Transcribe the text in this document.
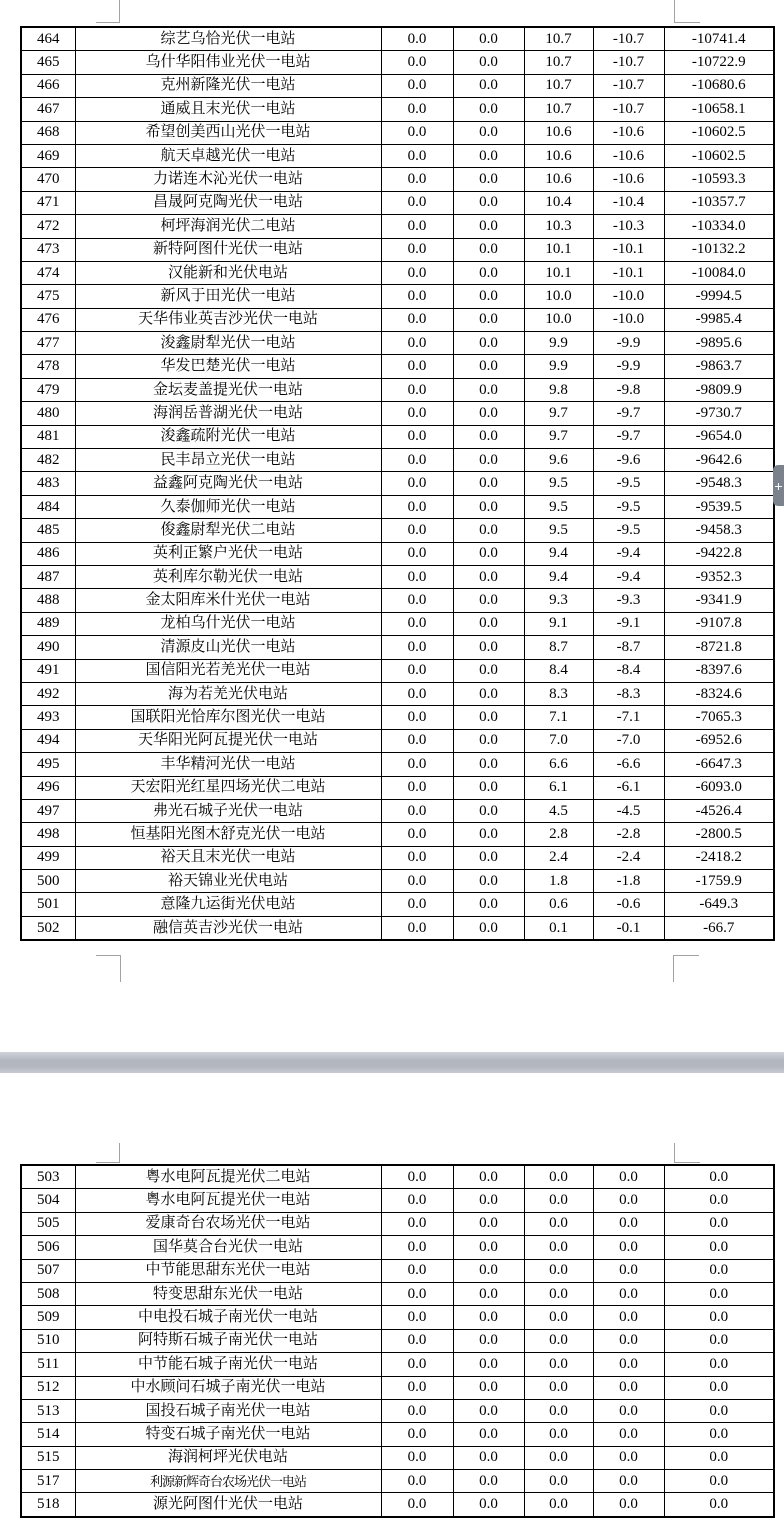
464	综艺乌恰光伏一电站	0.0	0.0	10.7	-10.7	-10741.4
465	乌什华阳伟业光伏一电站	0.0	0.0	10.7	-10.7	-10722.9
466	克州新隆光伏一电站	0.0	0.0	10.7	-10.7	-10680.6
467	通威且末光伏一电站	0.0	0.0	10.7	-10.7	-10658.1
468	希望创美西山光伏一电站	0.0	0.0	10.6	-10.6	-10602.5
469	航天卓越光伏一电站	0.0	0.0	10.6	-10.6	-10602.5
470	力诺连木沁光伏一电站	0.0	0.0	10.6	-10.6	-10593.3
471	昌晟阿克陶光伏一电站	0.0	0.0	10.4	-10.4	-10357.7
472	柯坪海润光伏二电站	0.0	0.0	10.3	-10.3	-10334.0
473	新特阿图什光伏一电站	0.0	0.0	10.1	-10.1	-10132.2
474	汉能新和光伏电站	0.0	0.0	10.1	-10.1	-10084.0
475	新风于田光伏一电站	0.0	0.0	10.0	-10.0	-9994.5
476	天华伟业英吉沙光伏一电站	0.0	0.0	10.0	-10.0	-9985.4
477	浚鑫尉犁光伏一电站	0.0	0.0	9.9	-9.9	-9895.6
478	华发巴楚光伏一电站	0.0	0.0	9.9	-9.9	-9863.7
479	金坛麦盖提光伏一电站	0.0	0.0	9.8	-9.8	-9809.9
480	海润岳普湖光伏一电站	0.0	0.0	9.7	-9.7	-9730.7
481	浚鑫疏附光伏一电站	0.0	0.0	9.7	-9.7	-9654.0
482	民丰昂立光伏一电站	0.0	0.0	9.6	-9.6	-9642.6
483	益鑫阿克陶光伏一电站	0.0	0.0	9.5	-9.5	-9548.3
484	久泰伽师光伏一电站	0.0	0.0	9.5	-9.5	-9539.5
485	俊鑫尉犁光伏二电站	0.0	0.0	9.5	-9.5	-9458.3
486	英利正繁户光伏一电站	0.0	0.0	9.4	-9.4	-9422.8
487	英利库尔勒光伏一电站	0.0	0.0	9.4	-9.4	-9352.3
488	金太阳库米什光伏一电站	0.0	0.0	9.3	-9.3	-9341.9
489	龙柏乌什光伏一电站	0.0	0.0	9.1	-9.1	-9107.8
490	清源皮山光伏一电站	0.0	0.0	8.7	-8.7	-8721.8
491	国信阳光若羌光伏一电站	0.0	0.0	8.4	-8.4	-8397.6
492	海为若羌光伏电站	0.0	0.0	8.3	-8.3	-8324.6
493	国联阳光恰库尔图光伏一电站	0.0	0.0	7.1	-7.1	-7065.3
494	天华阳光阿瓦提光伏一电站	0.0	0.0	7.0	-7.0	-6952.6
495	丰华精河光伏一电站	0.0	0.0	6.6	-6.6	-6647.3
496	天宏阳光红星四场光伏二电站	0.0	0.0	6.1	-6.1	-6093.0
497	弗光石城子光伏一电站	0.0	0.0	4.5	-4.5	-4526.4
498	恒基阳光图木舒克光伏一电站	0.0	0.0	2.8	-2.8	-2800.5
499	裕天且末光伏一电站	0.0	0.0	2.4	-2.4	-2418.2
500	裕天锦业光伏电站	0.0	0.0	1.8	-1.8	-1759.9
501	意隆九运街光伏电站	0.0	0.0	0.6	-0.6	-649.3
502	融信英吉沙光伏一电站	0.0	0.0	0.1	-0.1	-66.7
503	粤水电阿瓦提光伏二电站	0.0	0.0	0.0	0.0	0.0
504	粤水电阿瓦提光伏一电站	0.0	0.0	0.0	0.0	0.0
505	爱康奇台农场光伏一电站	0.0	0.0	0.0	0.0	0.0
506	国华莫合台光伏一电站	0.0	0.0	0.0	0.0	0.0
507	中节能思甜东光伏一电站	0.0	0.0	0.0	0.0	0.0
508	特变思甜东光伏一电站	0.0	0.0	0.0	0.0	0.0
509	中电投石城子南光伏一电站	0.0	0.0	0.0	0.0	0.0
510	阿特斯石城子南光伏一电站	0.0	0.0	0.0	0.0	0.0
511	中节能石城子南光伏一电站	0.0	0.0	0.0	0.0	0.0
512	中水顾问石城子南光伏一电站	0.0	0.0	0.0	0.0	0.0
513	国投石城子南光伏一电站	0.0	0.0	0.0	0.0	0.0
514	特变石城子南光伏一电站	0.0	0.0	0.0	0.0	0.0
515	海润柯坪光伏电站	0.0	0.0	0.0	0.0	0.0
517	利源新辉奇台农场光伏一电站	0.0	0.0	0.0	0.0	0.0
518	源光阿图什光伏一电站	0.0	0.0	0.0	0.0	0.0
+
